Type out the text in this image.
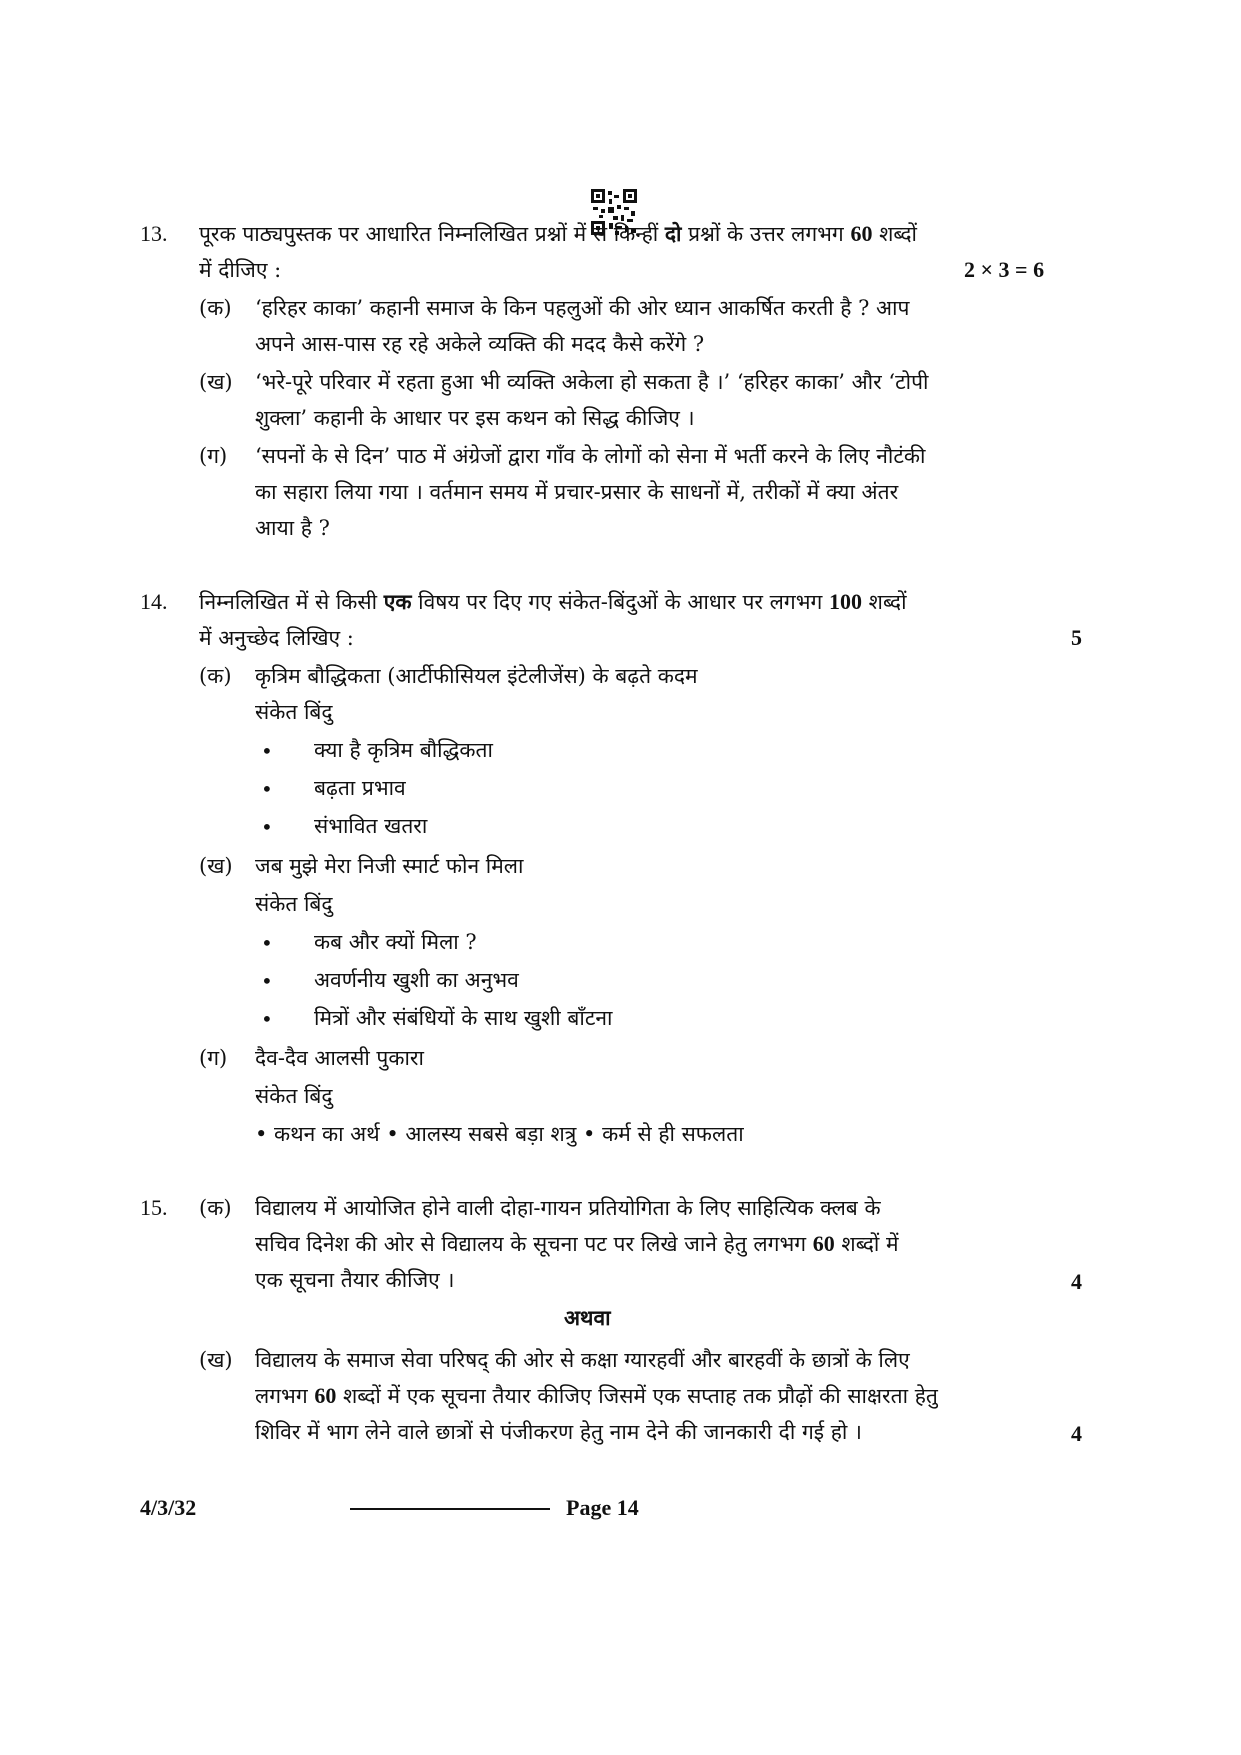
13. पूरक पाठ्यपुस्तक पर आधारित निम्नलिखित प्रश्नों में से किन्हीं दो प्रश्नों के उत्तर लगभग 60 शब्दों
में दीजिए :	2 × 3 = 6
(क) ‘हरिहर काका’ कहानी समाज के किन पहलुओं की ओर ध्यान आकर्षित करती है ? आप
अपने आस-पास रह रहे अकेले व्यक्ति की मदद कैसे करेंगे ?
(ख) ‘भरे-पूरे परिवार में रहता हुआ भी व्यक्ति अकेला हो सकता है ।’ ‘हरिहर काका’ और ‘टोपी
शुक्ला’ कहानी के आधार पर इस कथन को सिद्ध कीजिए ।
(ग) ‘सपनों के से दिन’ पाठ में अंग्रेजों द्वारा गाँव के लोगों को सेना में भर्ती करने के लिए नौटंकी
का सहारा लिया गया । वर्तमान समय में प्रचार-प्रसार के साधनों में, तरीकों में क्या अंतर
आया है ?
14. निम्नलिखित में से किसी एक विषय पर दिए गए संकेत-बिंदुओं के आधार पर लगभग 100 शब्दों
में अनुच्छेद लिखिए :	5
(क) कृत्रिम बौद्धिकता (आर्टीफीसियल इंटेलीजेंस) के बढ़ते कदम
संकेत बिंदु
• क्या है कृत्रिम बौद्धिकता
• बढ़ता प्रभाव
• संभावित खतरा
(ख) जब मुझे मेरा निजी स्मार्ट फोन मिला
संकेत बिंदु
• कब और क्यों मिला ?
• अवर्णनीय खुशी का अनुभव
• मित्रों और संबंधियों के साथ खुशी बाँटना
(ग) दैव-दैव आलसी पुकारा
संकेत बिंदु
• कथन का अर्थ • आलस्य सबसे बड़ा शत्रु • कर्म से ही सफलता
15. (क) विद्यालय में आयोजित होने वाली दोहा-गायन प्रतियोगिता के लिए साहित्यिक क्लब के
सचिव दिनेश की ओर से विद्यालय के सूचना पट पर लिखे जाने हेतु लगभग 60 शब्दों में
एक सूचना तैयार कीजिए ।	4
अथवा
(ख) विद्यालय के समाज सेवा परिषद् की ओर से कक्षा ग्यारहवीं और बारहवीं के छात्रों के लिए
लगभग 60 शब्दों में एक सूचना तैयार कीजिए जिसमें एक सप्ताह तक प्रौढ़ों की साक्षरता हेतु
शिविर में भाग लेने वाले छात्रों से पंजीकरण हेतु नाम देने की जानकारी दी गई हो ।	4
4/3/32	Page 14
